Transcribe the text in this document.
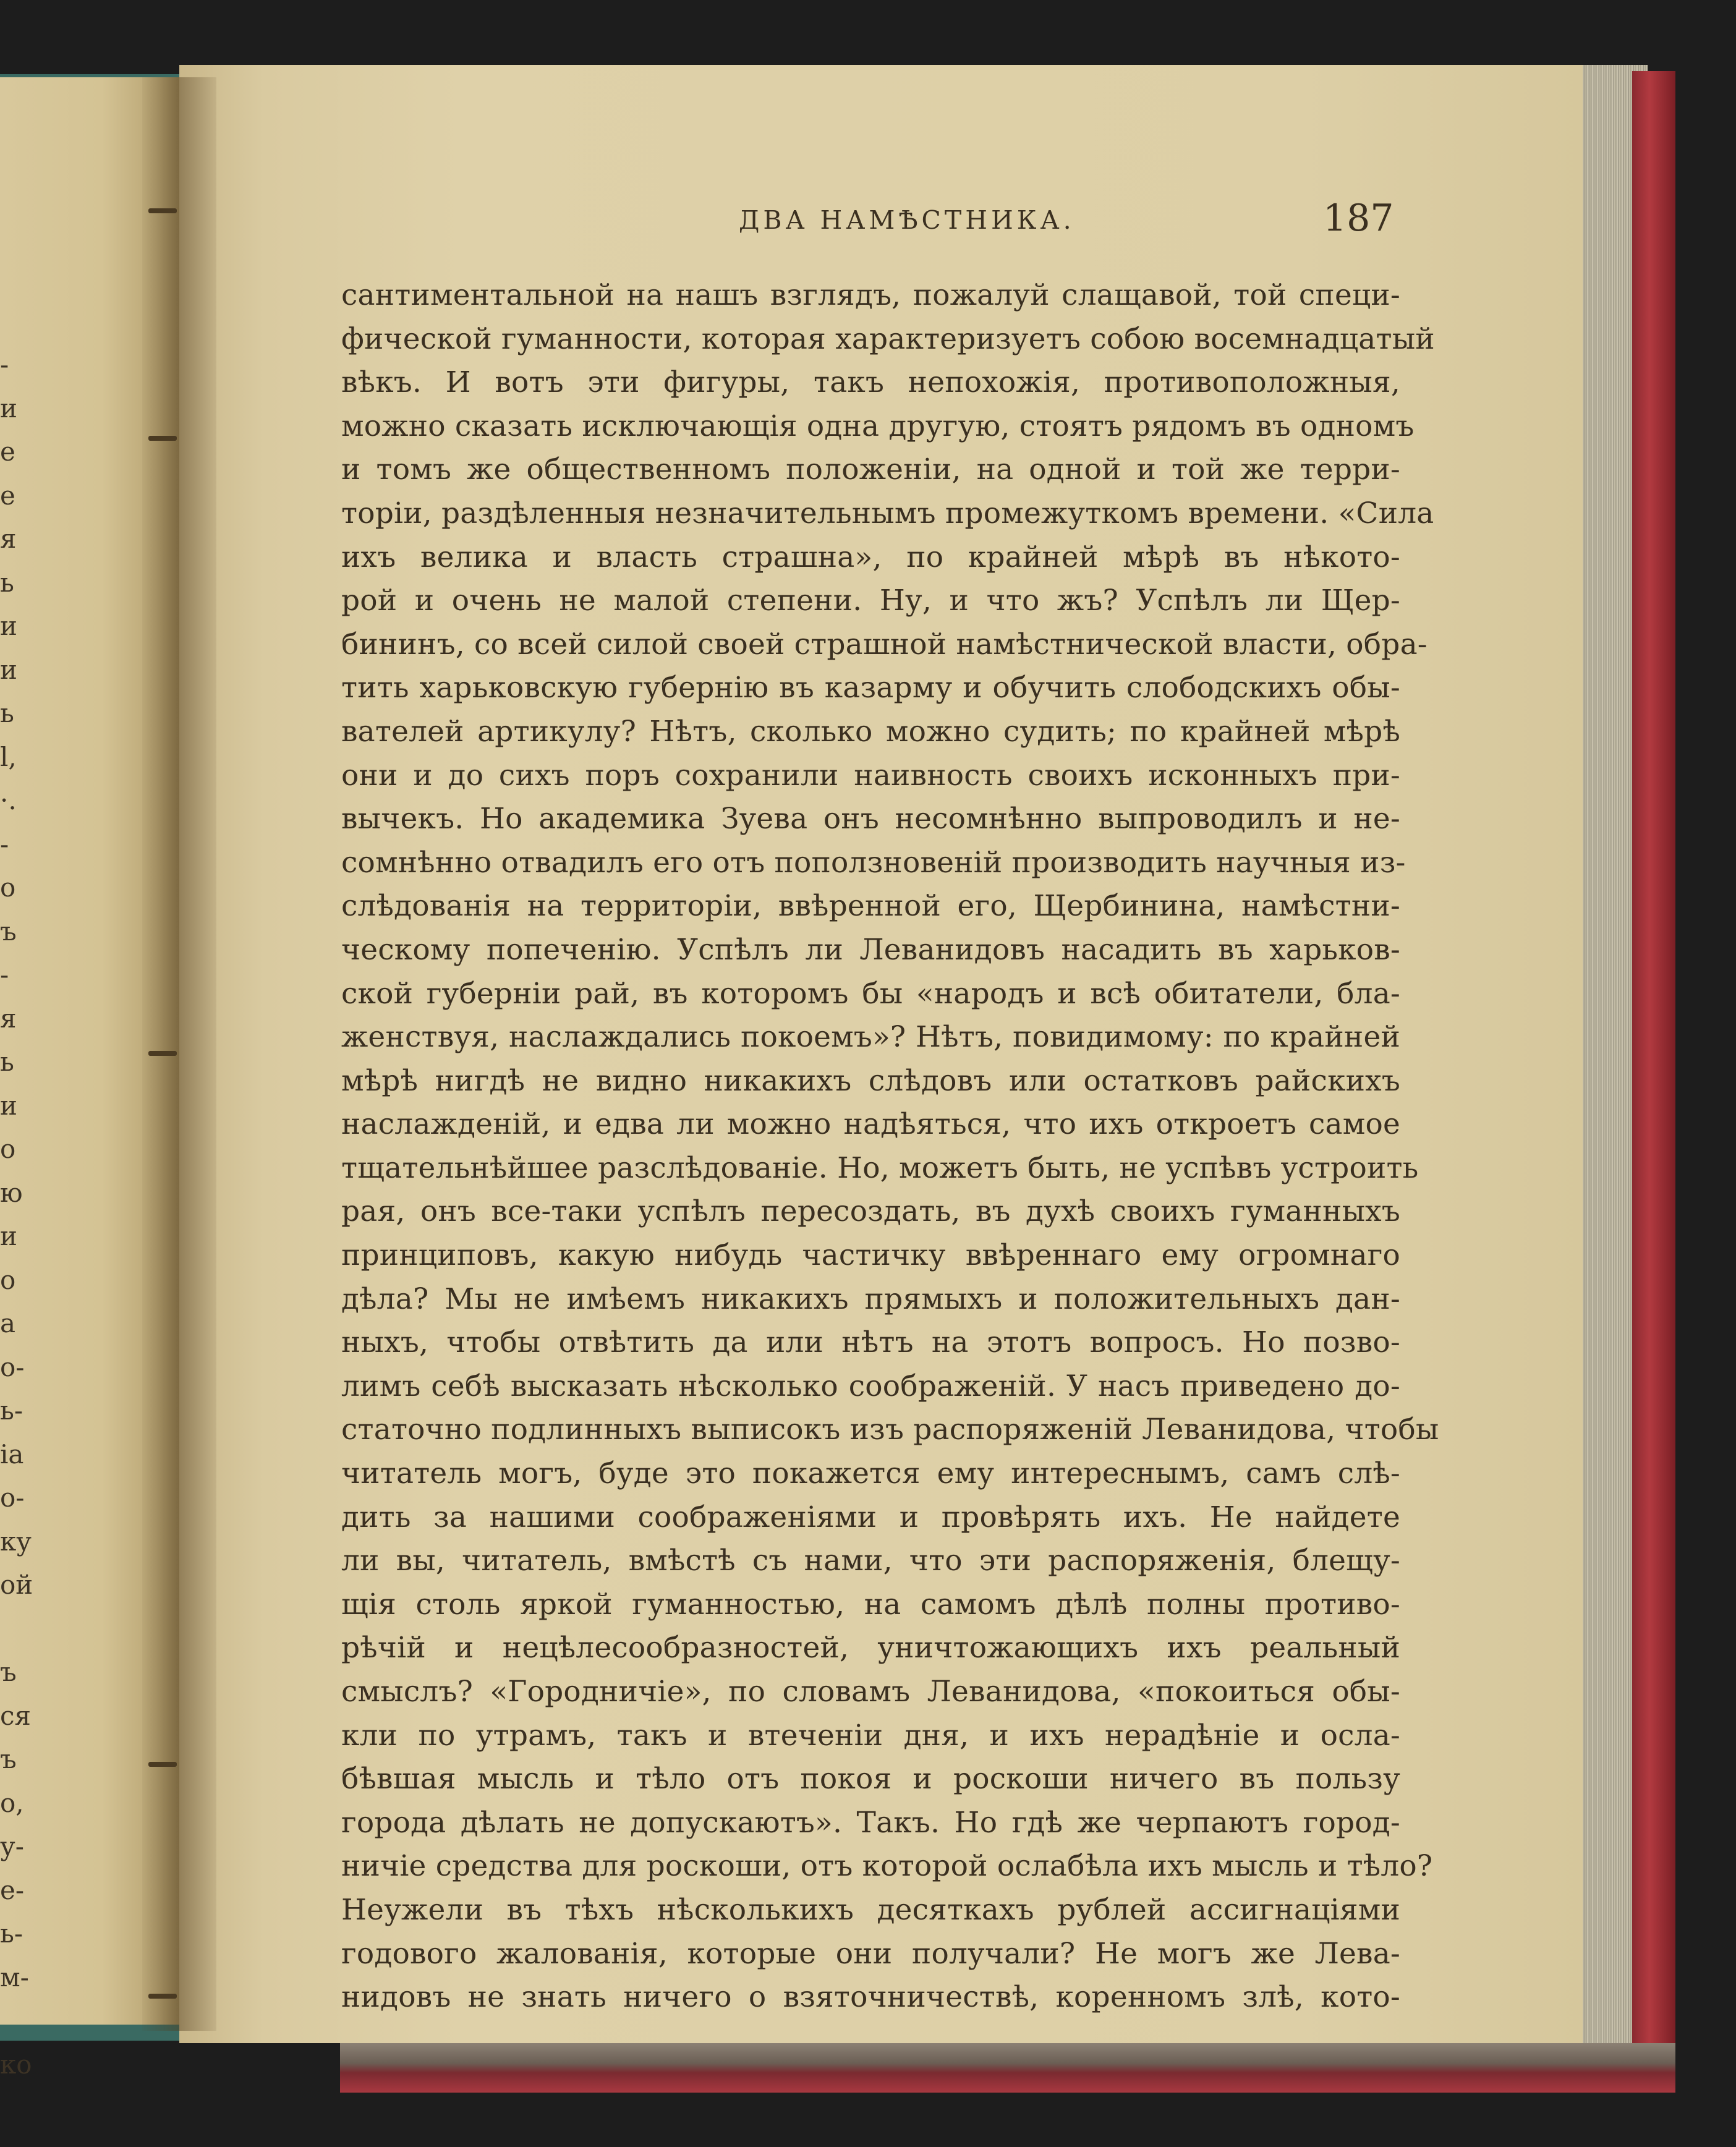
-
и
е
е
я
ь
и
и
ь
l,
·.
-
о
ъ
-
я
ь
и
о
ю
и
о
а
о-
ь-
ia
о-
ку
ой
ъ
ся
ъ
о,
у-
е-
ь-
м-
ко
ДВА НАМѢСТНИКА.	187
сантиментальной на нашъ взглядъ, пожалуй слащавой, той специ-
фической гуманности, которая характеризуетъ собою восемнадцатый
вѣкъ. И вотъ эти фигуры, такъ непохожія, противоположныя,
можно сказать исключающія одна другую, стоятъ рядомъ въ одномъ
и томъ же общественномъ положеніи, на одной и той же терри-
торіи, раздѣленныя незначительнымъ промежуткомъ времени. «Сила
ихъ велика и власть страшна», по крайней мѣрѣ въ нѣкото-
рой и очень не малой степени. Ну, и что жъ? Успѣлъ ли Щер-
бининъ, со всей силой своей страшной намѣстнической власти, обра-
тить харьковскую губернію въ казарму и обучить слободскихъ обы-
вателей артикулу? Нѣтъ, сколько можно судить; по крайней мѣрѣ
они и до сихъ поръ сохранили наивность своихъ исконныхъ при-
вычекъ. Но академика Зуева онъ несомнѣнно выпроводилъ и не-
сомнѣнно отвадилъ его отъ поползновеній производить научныя из-
слѣдованія на территоріи, ввѣренной его, Щербинина, намѣстни-
ческому попеченію. Успѣлъ ли Леванидовъ насадить въ харьков-
ской губерніи рай, въ которомъ бы «народъ и всѣ обитатели, бла-
женствуя, наслаждались покоемъ»? Нѣтъ, повидимому: по крайней
мѣрѣ нигдѣ не видно никакихъ слѣдовъ или остатковъ райскихъ
наслажденій, и едва ли можно надѣяться, что ихъ откроетъ самое
тщательнѣйшее разслѣдованіе. Но, можетъ быть, не успѣвъ устроить
рая, онъ все-таки успѣлъ пересоздать, въ духѣ своихъ гуманныхъ
принциповъ, какую нибудь частичку ввѣреннаго ему огромнаго
дѣла? Мы не имѣемъ никакихъ прямыхъ и положительныхъ дан-
ныхъ, чтобы отвѣтить да или нѣтъ на этотъ вопросъ. Но позво-
лимъ себѣ высказать нѣсколько соображеній. У насъ приведено до-
статочно подлинныхъ выписокъ изъ распоряженій Леванидова, чтобы
читатель могъ, буде это покажется ему интереснымъ, самъ слѣ-
дить за нашими соображеніями и провѣрять ихъ. Не найдете
ли вы, читатель, вмѣстѣ съ нами, что эти распоряженія, блещу-
щія столь яркой гуманностью, на самомъ дѣлѣ полны противо-
рѣчій и нецѣлесообразностей, уничтожающихъ ихъ реальный
смыслъ? «Городничіе», по словамъ Леванидова, «покоиться обы-
кли по утрамъ, такъ и втеченіи дня, и ихъ нерадѣніе и осла-
бѣвшая мысль и тѣло отъ покоя и роскоши ничего въ пользу
города дѣлать не допускаютъ». Такъ. Но гдѣ же черпаютъ город-
ничіе средства для роскоши, отъ которой ослабѣла ихъ мысль и тѣло?
Неужели въ тѣхъ нѣсколькихъ десяткахъ рублей ассигнаціями
годового жалованія, которые они получали? Не могъ же Лева-
нидовъ не знать ничего о взяточничествѣ, коренномъ злѣ, кото-
